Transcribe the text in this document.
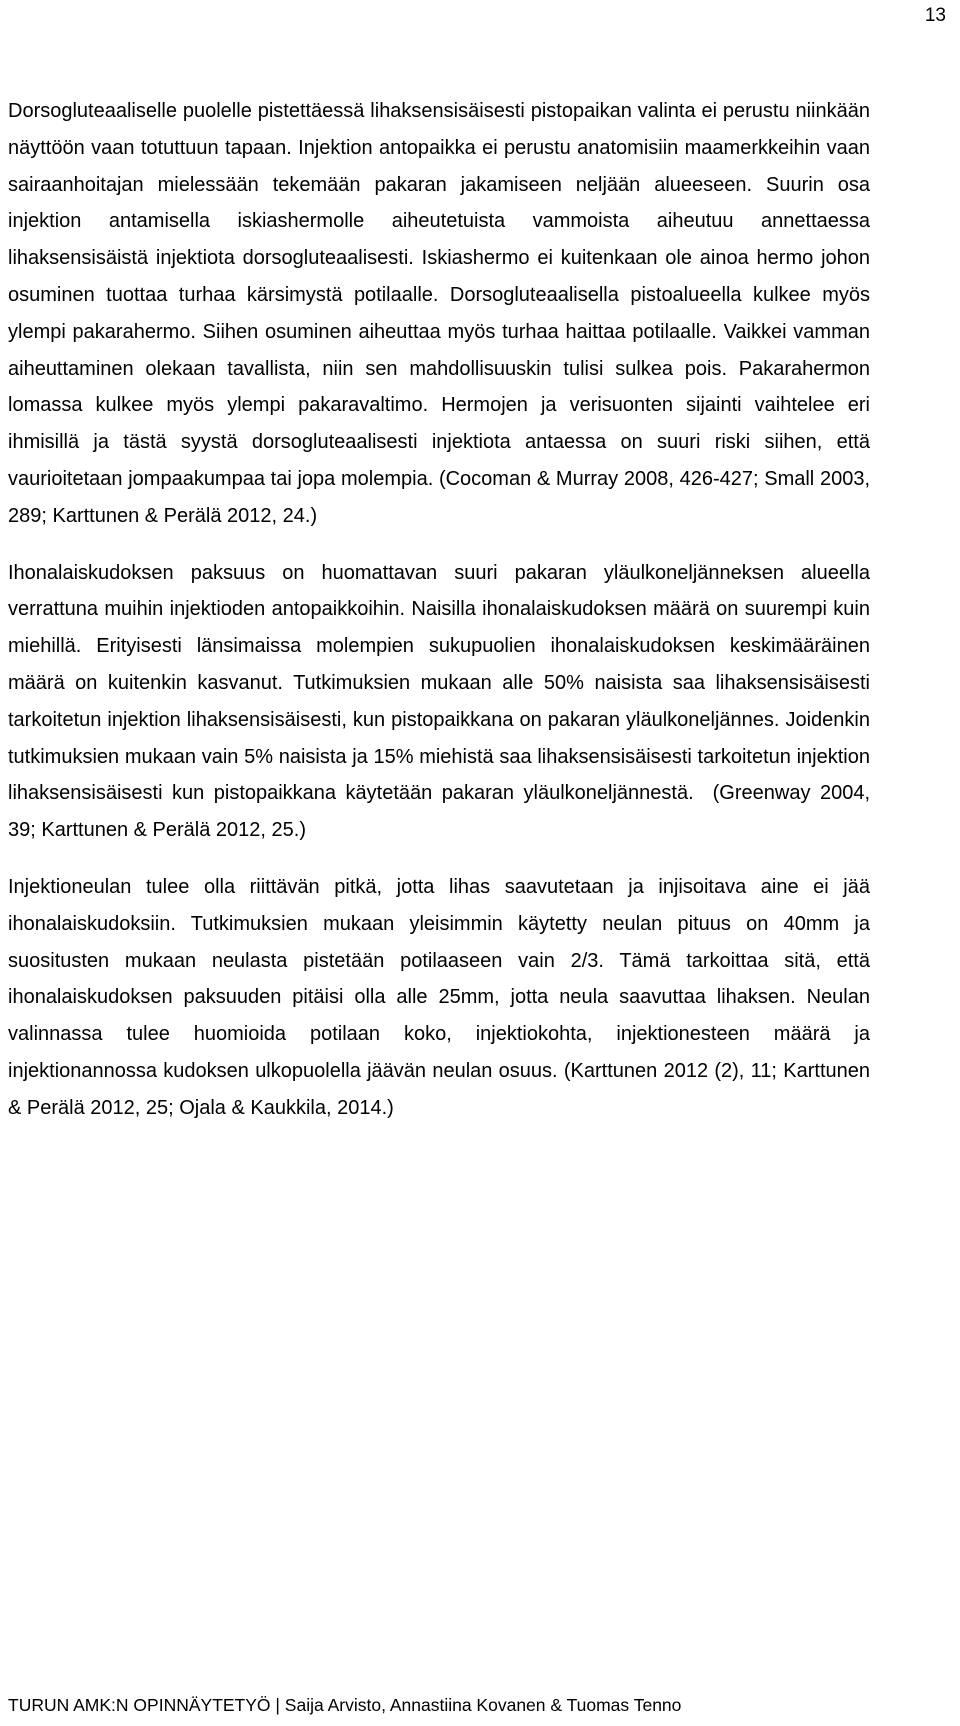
13

Dorsogluteaaliselle puolelle pistettäessä lihaksensisäisesti pistopaikan valinta ei perustu niinkään näyttöön vaan totuttuun tapaan. Injektion antopaikka ei perustu anatomisiin maamerkkeihin vaan sairaanhoitajan mielessään tekemään pakaran jakamiseen neljään alueeseen. Suurin osa injektion antamisella iskiashermolle aiheutetuista vammoista aiheutuu annettaessa lihaksensisäistä injektiota dorsogluteaalisesti. Iskiashermo ei kuitenkaan ole ainoa hermo johon osuminen tuottaa turhaa kärsimystä potilaalle. Dorsogluteaalisella pistoalueella kulkee myös ylempi pakarahermo. Siihen osuminen aiheuttaa myös turhaa haittaa potilaalle. Vaikkei vamman aiheuttaminen olekaan tavallista, niin sen mahdollisuuskin tulisi sulkea pois. Pakarahermon lomassa kulkee myös ylempi pakaravaltimo. Hermojen ja verisuonten sijainti vaihtelee eri ihmisillä ja tästä syystä dorsogluteaalisesti injektiota antaessa on suuri riski siihen, että vaurioitetaan jompaakumpaa tai jopa molempia. (Cocoman & Murray 2008, 426-427; Small 2003, 289; Karttunen & Perälä 2012, 24.)

Ihonalaiskudoksen paksuus on huomattavan suuri pakaran yläulkoneljänneksen alueella verrattuna muihin injektioden antopaikkoihin. Naisilla ihonalaiskudoksen määrä on suurempi kuin miehillä. Erityisesti länsimaissa molempien sukupuolien ihonalaiskudoksen keskimääräinen määrä on kuitenkin kasvanut. Tutkimuksien mukaan alle 50% naisista saa lihaksensisäisesti tarkoitetun injektion lihaksensisäisesti, kun pistopaikkana on pakaran yläulkoneljännes. Joidenkin tutkimuksien mukaan vain 5% naisista ja 15% miehistä saa lihaksensisäisesti tarkoitetun injektion lihaksensisäisesti kun pistopaikkana käytetään pakaran yläulkoneljännestä.  (Greenway 2004, 39; Karttunen & Perälä 2012, 25.)

Injektioneulan tulee olla riittävän pitkä, jotta lihas saavutetaan ja injisoitava aine ei jää ihonalaiskudoksiin. Tutkimuksien mukaan yleisimmin käytetty neulan pituus on 40mm ja suositusten mukaan neulasta pistetään potilaaseen vain 2/3. Tämä tarkoittaa sitä, että ihonalaiskudoksen paksuuden pitäisi olla alle 25mm, jotta neula saavuttaa lihaksen. Neulan valinnassa tulee huomioida potilaan koko, injektiokohta, injektionesteen määrä ja injektionannossa kudoksen ulkopuolella jäävän neulan osuus. (Karttunen 2012 (2), 11; Karttunen & Perälä 2012, 25; Ojala & Kaukkila, 2014.)

TURUN AMK:N OPINNÄYTETYÖ | Saija Arvisto, Annastiina Kovanen & Tuomas Tenno
